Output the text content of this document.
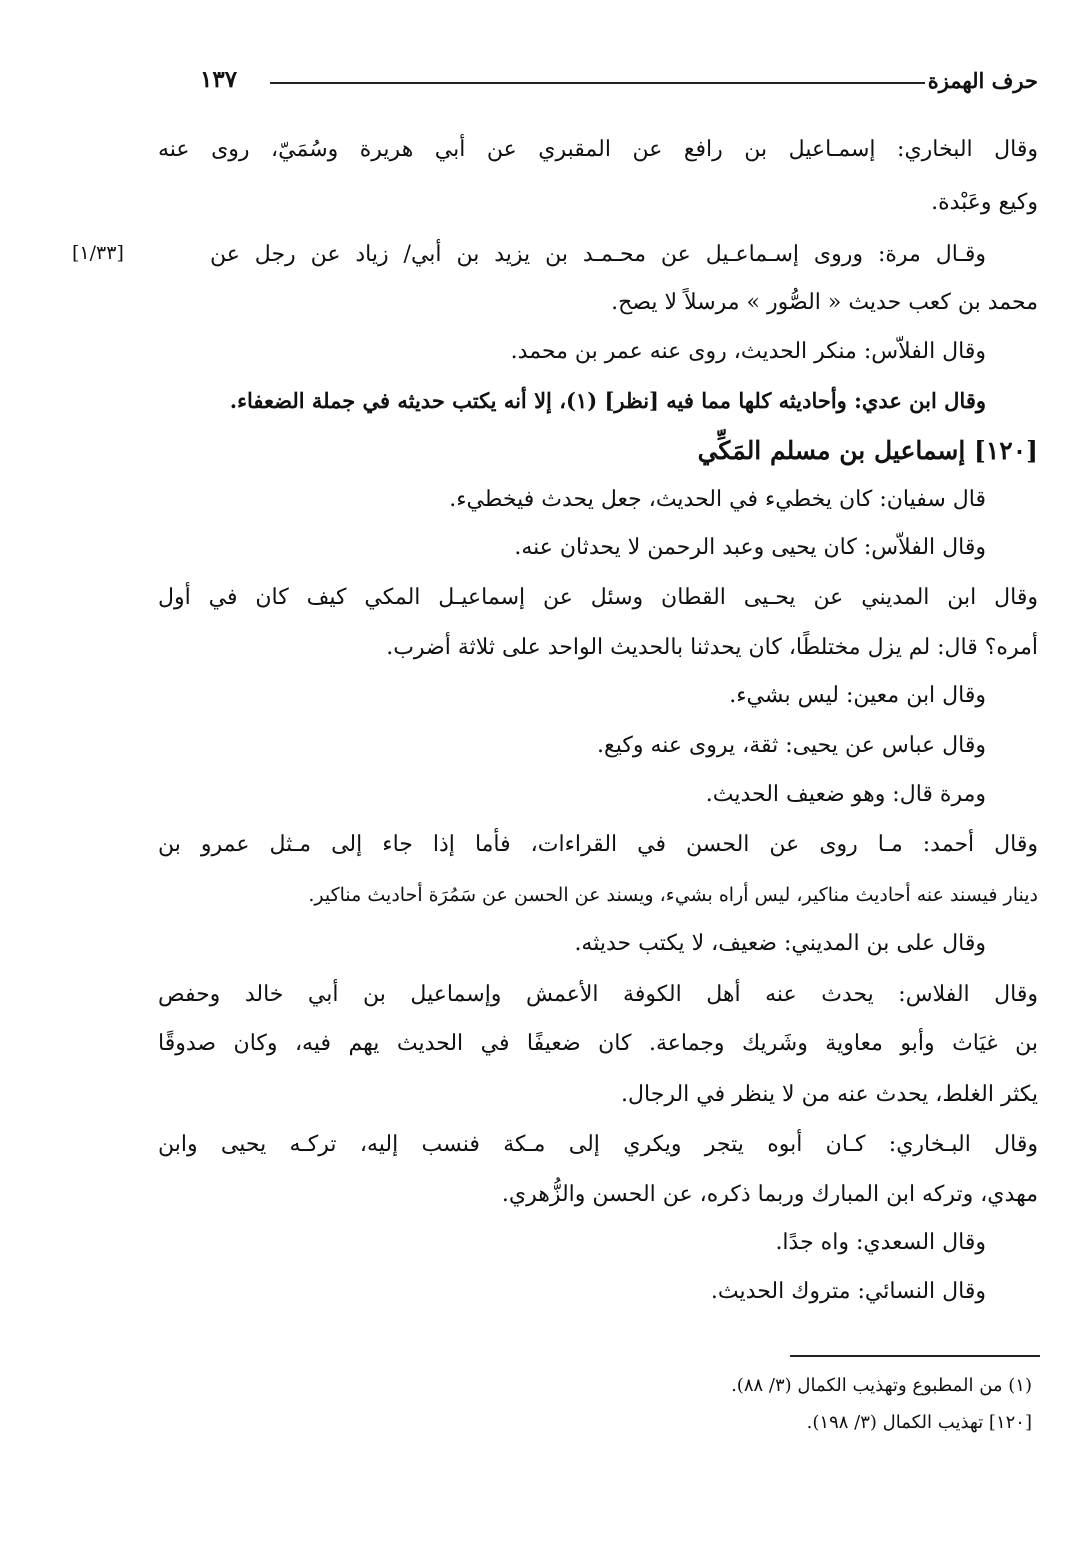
حرف الهمزة
١٣٧
[١/٣٣]
وقال البخاري: إسمـاعيل بن رافع عن المقبري عن أبي هريرة وسُمَيّ، روى عنه
وكيع وعَبْدة.
وقـال مرة: وروى إسـماعـيل عن محـمـد بن يزيد بن أبي/ زياد عن رجل عن
محمد بن كعب حديث « الصُّور » مرسلاً لا يصح.
وقال الفلاّس: منكر الحديث، روى عنه عمر بن محمد.
وقال ابن عدي: وأحاديثه كلها مما فيه [نظر] (١)، إلا أنه يكتب حديثه في جملة الضعفاء.
[١٢٠] إسماعيل بن مسلم المَكِّي
قال سفيان: كان يخطيء في الحديث، جعل يحدث فيخطيء.
وقال الفلاّس: كان يحيى وعبد الرحمن لا يحدثان عنه.
وقال ابن المديني عن يحـيى القطان وسئل عن إسماعيـل المكي كيف كان في أول
أمره؟ قال: لم يزل مختلطًا، كان يحدثنا بالحديث الواحد على ثلاثة أضرب.
وقال ابن معين: ليس بشيء.
وقال عباس عن يحيى: ثقة، يروى عنه وكيع.
ومرة قال: وهو ضعيف الحديث.
وقال أحمد: مـا روى عن الحسن في القراءات، فأما إذا جاء إلى مـثل عمرو بن
دينار فيسند عنه أحاديث مناكير، ليس أراه بشيء، ويسند عن الحسن عن سَمُرَة أحاديث مناكير.
وقال على بن المديني: ضعيف، لا يكتب حديثه.
وقال الفلاس: يحدث عنه أهل الكوفة الأعمش وإسماعيل بن أبي خالد وحفص
بن غيَاث وأبو معاوية وشَريك وجماعة. كان ضعيفًا في الحديث يهم فيه، وكان صدوقًا
يكثر الغلط، يحدث عنه من لا ينظر في الرجال.
وقال البـخاري: كـان أبوه يتجر ويكري إلى مـكة فنسب إليه، تركـه يحيى وابن
مهدي، وتركه ابن المبارك وربما ذكره، عن الحسن والزُّهري.
وقال السعدي: واه جدًا.
وقال النسائي: متروك الحديث.
(١) من المطبوع وتهذيب الكمال (٣/ ٨٨).
[١٢٠] تهذيب الكمال (٣/ ١٩٨).
